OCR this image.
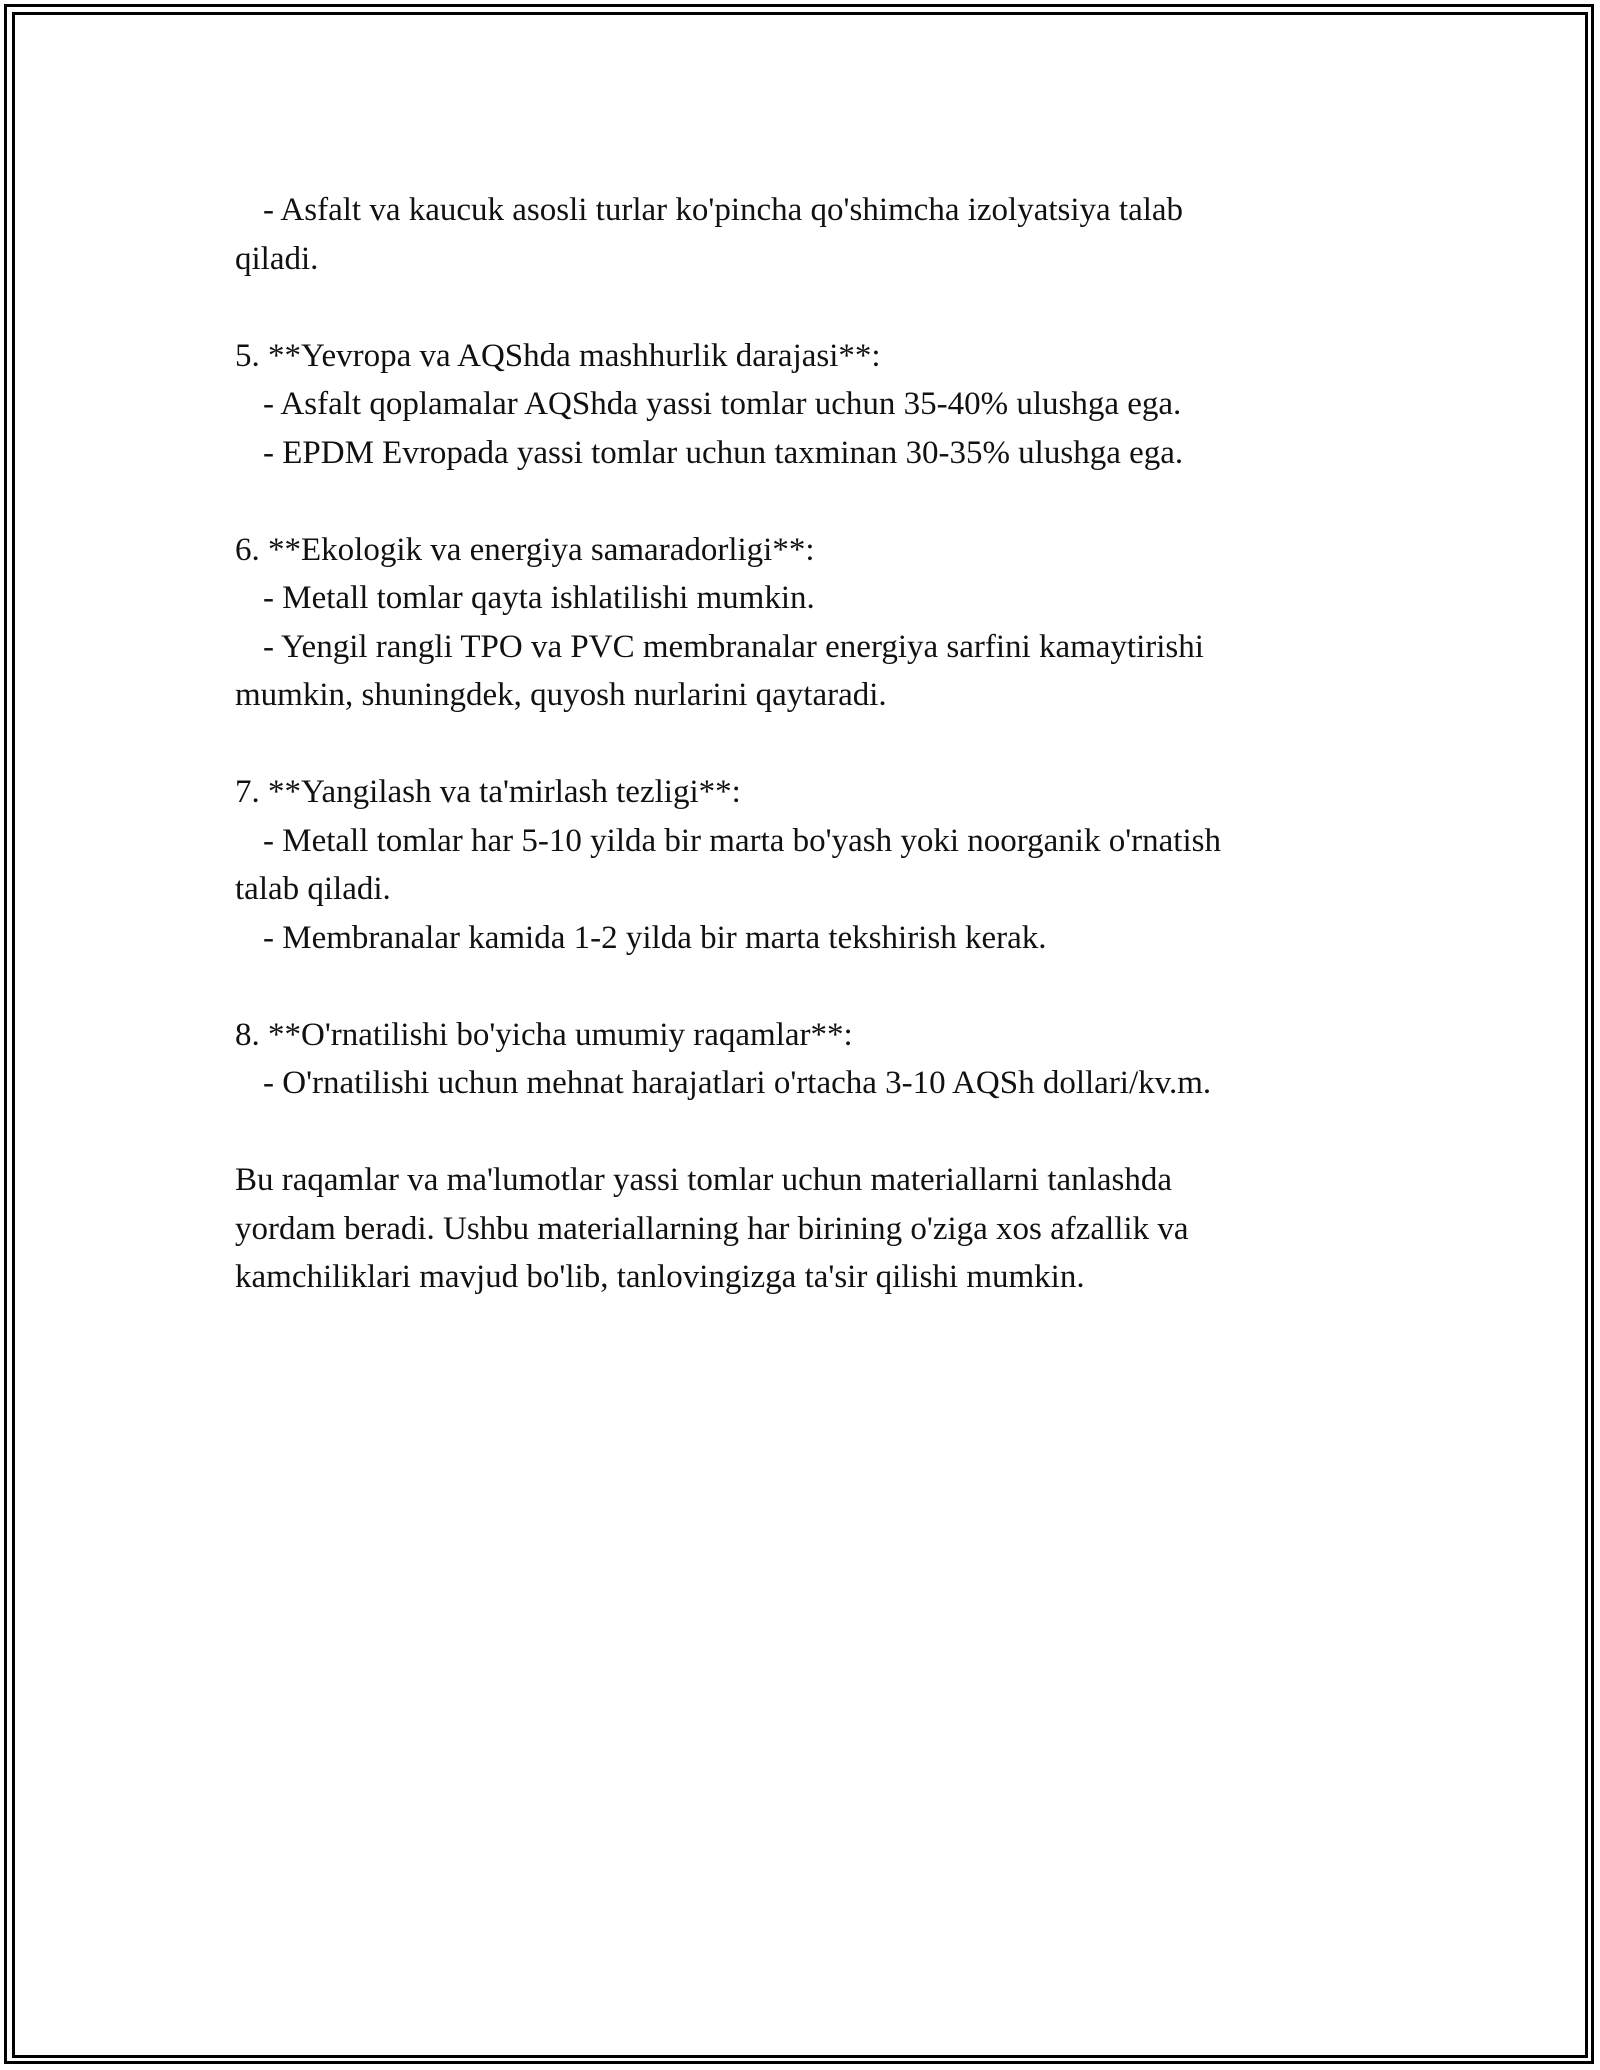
- Asfalt va kaucuk asosli turlar ko'pincha qo'shimcha izolyatsiya talab
qiladi.
5. **Yevropa va AQShda mashhurlik darajasi**:
- Asfalt qoplamalar AQShda yassi tomlar uchun 35-40% ulushga ega.
- EPDM Evropada yassi tomlar uchun taxminan 30-35% ulushga ega.
6. **Ekologik va energiya samaradorligi**:
- Metall tomlar qayta ishlatilishi mumkin.
- Yengil rangli TPO va PVC membranalar energiya sarfini kamaytirishi
mumkin, shuningdek, quyosh nurlarini qaytaradi.
7. **Yangilash va ta'mirlash tezligi**:
- Metall tomlar har 5-10 yilda bir marta bo'yash yoki noorganik o'rnatish
talab qiladi.
- Membranalar kamida 1-2 yilda bir marta tekshirish kerak.
8. **O'rnatilishi bo'yicha umumiy raqamlar**:
- O'rnatilishi uchun mehnat harajatlari o'rtacha 3-10 AQSh dollari/kv.m.
Bu raqamlar va ma'lumotlar yassi tomlar uchun materiallarni tanlashda
yordam beradi. Ushbu materiallarning har birining o'ziga xos afzallik va
kamchiliklari mavjud bo'lib, tanlovingizga ta'sir qilishi mumkin.
